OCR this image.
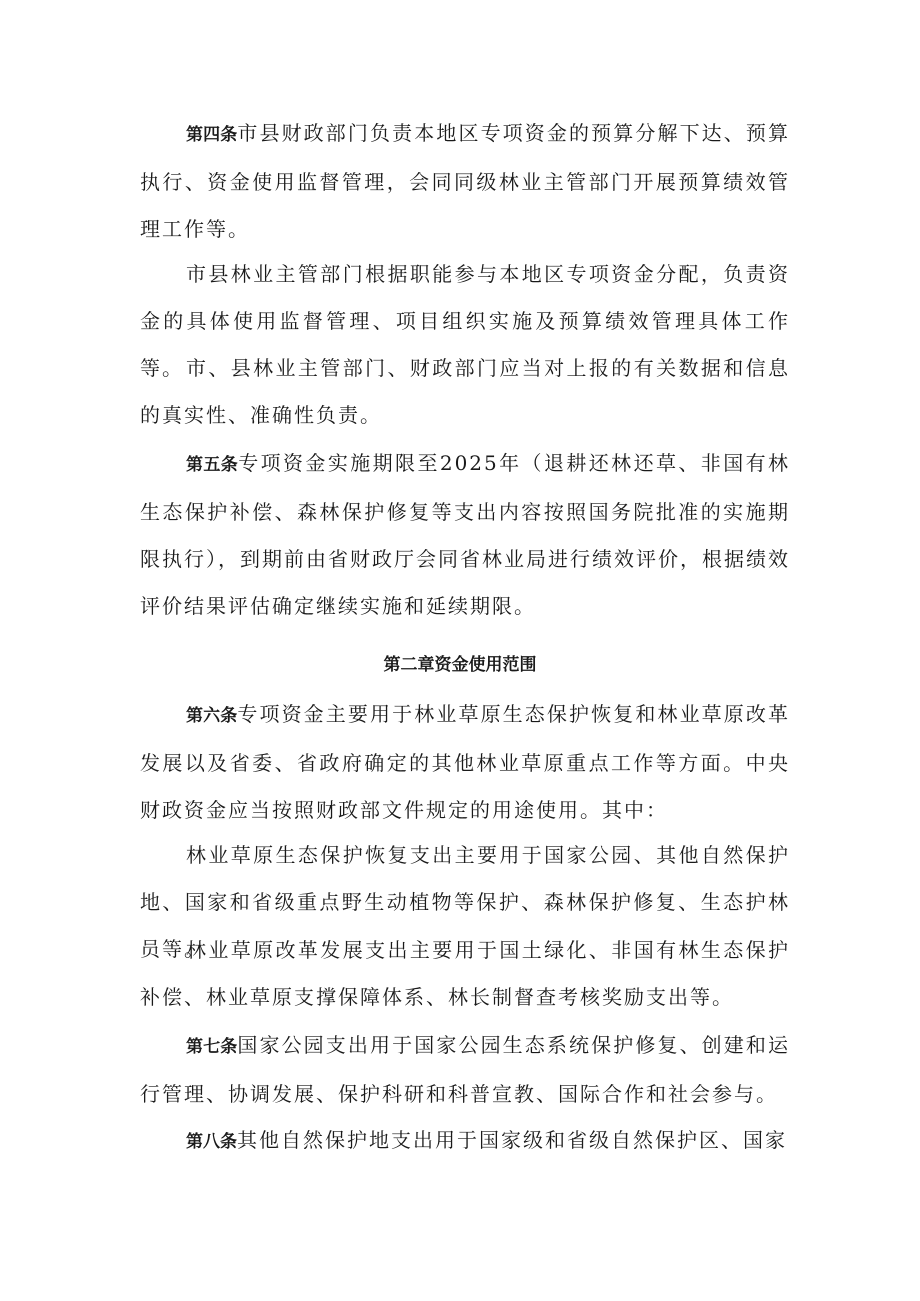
第四条市县财政部门负责本地区专项资金的预算分解下达、预算执行、资金使用监督管理，会同同级林业主管部门开展预算绩效管理工作等。

市县林业主管部门根据职能参与本地区专项资金分配，负责资金的具体使用监督管理、项目组织实施及预算绩效管理具体工作等。 市、县林业主管部门、财政部门应当对上报的有关数据和信息的真实性、准确性负责。

第五条专项资金实施期限至2025年（退耕还林还草、非国有林生态保护补偿、森林保护修复等支出内容按照国务院批准的实施期限执行），到期前由省财政厅会同省林业局进行绩效评价，根据绩效评价结果评估确定继续实施和延续期限。

第二章资金使用范围

第六条专项资金主要用于林业草原生态保护恢复和林业草原改革发展以及省委、省政府确定的其他林业草原重点工作等方面。中央财政资金应当按照财政部文件规定的用途使用。其中：

林业草原生态保护恢复支出主要用于国家公园、其他自然保护地、国家和省级重点野生动植物等保护、森林保护修复、生态护林员等。

林业草原改革发展支出主要用于国土绿化、非国有林生态保护补偿、林业草原支撑保障体系、林长制督查考核奖励支出等。

第七条国家公园支出用于国家公园生态系统保护修复、创建和运行管理、协调发展、保护科研和科普宣教、国际合作和社会参与。

第八条其他自然保护地支出用于国家级和省级自然保护区、国家
